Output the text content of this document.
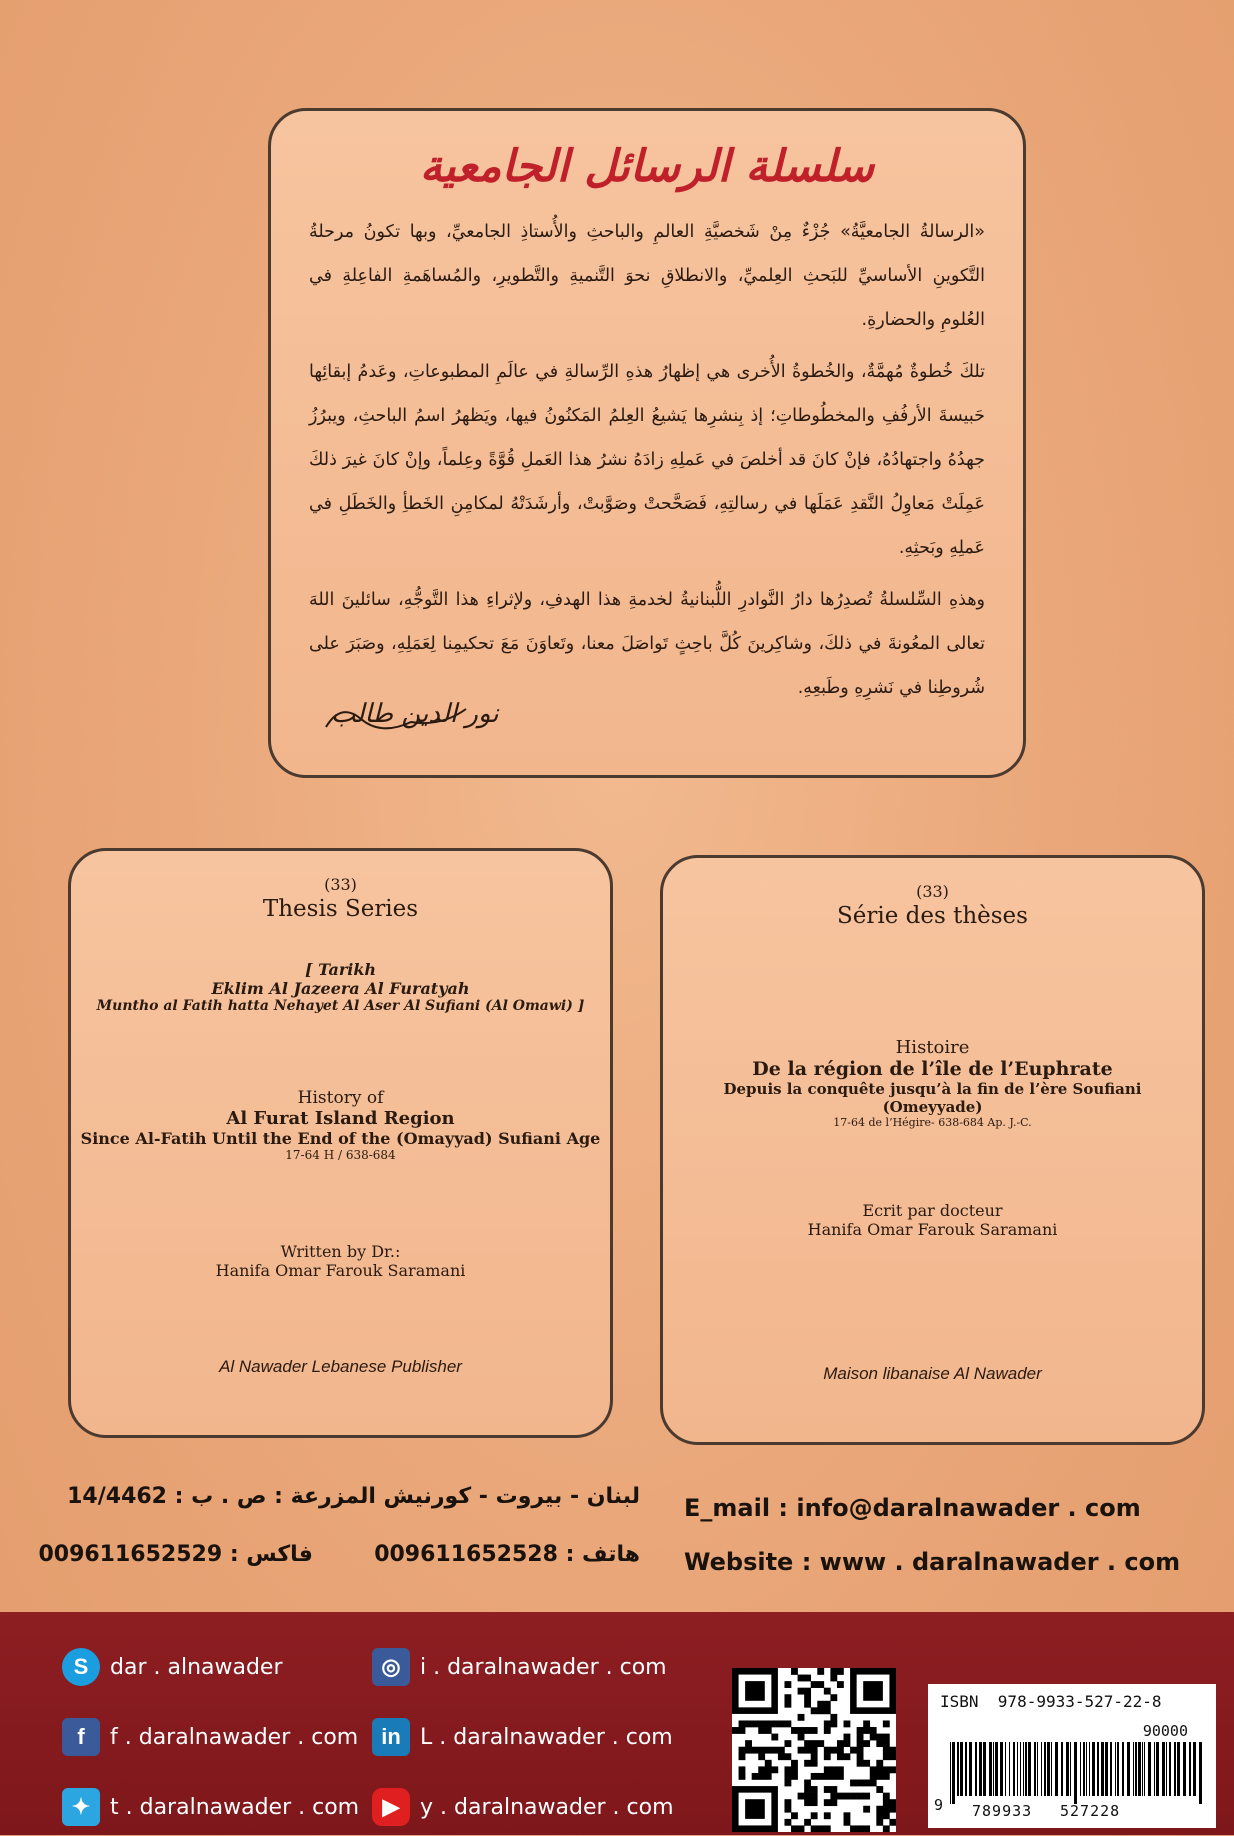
سلسلة الرسائل الجامعية

«الرسالةُ الجامعيَّةُ» جُزْءٌ مِنْ شَخصيَّةِ العالمِ والباحثِ والأُستاذِ الجامعيِّ، وبها تكونُ مرحلةُ التَّكوينِ الأساسيِّ للبَحثِ العِلميِّ، والانطلاقِ نحوَ التَّنميةِ والتَّطويرِ، والمُساهَمةِ الفاعِلةِ في العُلومِ والحضارةِ.

تلكَ خُطوةٌ مُهمَّةٌ، والخُطوةُ الأُخرى هي إظهارُ هذهِ الرِّسالةِ في عالَمِ المطبوعاتِ، وعَدمُ إبقائِها حَبيسةَ الأرفُفِ والمخطُوطاتِ؛ إذ بِنشرِها يَشيعُ العِلمُ المَكنُونُ فيها، ويَظهرُ اسمُ الباحثِ، ويبرُزُ جهدُهُ واجتهادُهُ، فإنْ كانَ قد أخلصَ في عَملِهِ زادَهُ نشرُ هذا العَملِ قُوَّةً وعِلماً، وإنْ كانَ غيرَ ذلكَ عَمِلَتْ مَعاوِلُ النَّقدِ عَمَلَها في رسالتِهِ، فَصَحَّحتْ وصَوَّبتْ، وأرشَدَتْهُ لمكامِنِ الخَطأِ والخَطَلِ في عَملِهِ وبَحثِهِ.

وهذهِ السِّلسلةُ تُصدِرُها دارُ النَّوادرِ اللُّبنانيةُ لخدمةِ هذا الهدفِ، ولإثراءِ هذا التَّوجُّهِ، سائلينَ اللهَ تعالى المعُونةَ في ذلكَ، وشاكِرينَ كُلَّ باحِثٍ تَواصَلَ معنا، وتَعاوَنَ مَعَ تحكيمِنا لِعَمَلِهِ، وصَبَرَ على شُروطِنا في نَشرِهِ وطَبعِهِ.

نور الدين طالب
(33)
Thesis Series
[ Tarikh
Eklim Al Jazeera Al Furatyah
Muntho al Fatih hatta Nehayet Al Aser Al Sufiani (Al Omawi) ]
History of
Al Furat Island Region
Since Al-Fatih Until the End of the (Omayyad) Sufiani Age
17-64 H / 638-684
Written by Dr.:
Hanifa Omar Farouk Saramani
Al Nawader Lebanese Publisher
(33)
Série des thèses
Histoire
De la région de l’île de l’Euphrate
Depuis la conquête jusqu’à la fin de l’ère Soufiani
(Omeyyade)
17-64 de l’Hégire- 638-684 Ap. J.-C.
Ecrit par docteur
Hanifa Omar Farouk Saramani
Maison libanaise Al Nawader
لبنان - بيروت - كورنيش المزرعة : ص . ب : 14/4462
هاتف : 009611652528  فاكس : 009611652529
E_mail : info@daralnawader . com
Website : www . daralnawader . com
S dar . alnawader	◎ i . daralnawader . com
f	f . daralnawader . com	in L . daralnawader . com
✦ t . daralnawader . com	▶ y . daralnawader . com
ISBN  978-9933-527-22-8
90000
9 789933 527228
